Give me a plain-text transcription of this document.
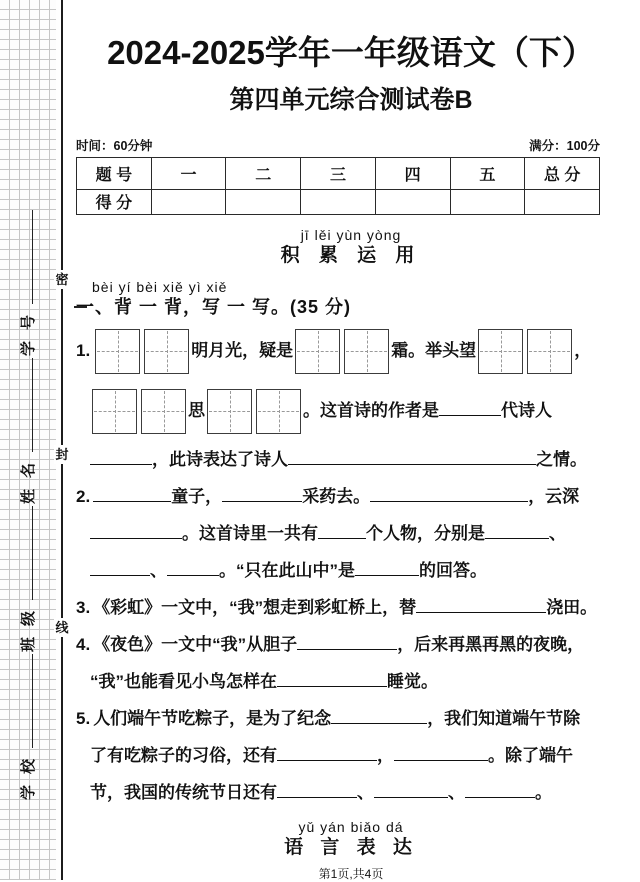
学校班级姓名学号
密
封
线
2024-2025学年一年级语文（下）
第四单元综合测试卷B
时间：60分钟	满分：100分
题 号	一	二	三	四	五	总 分
得 分						
jī lěi yùn yòng
积 累 运 用
bèi yí bèi xiě yì xiě
一、背 一 背，写 一 写。(35 分)
1.	明月光，疑是	霜。举头望	，
思	。这首诗的作者是	代诗人
，此诗表达了诗人	之情。
2.	童子，	采药去。	，云深
。这首诗里一共有	个人物，分别是	、
、	。“只在此山中”是	的回答。
3. 《彩虹》一文中，“我”想走到彩虹桥上，替	浇田。
4. 《夜色》一文中“我”从胆子	，后来再黑再黑的夜晚，
“我”也能看见小鸟怎样在	睡觉。
5. 人们端午节吃粽子，是为了纪念	，我们知道端午节除
了有吃粽子的习俗，还有	，	。除了端午
节，我国的传统节日还有	、	、	。
yǔ yán biǎo dá
语 言 表 达
第1页,共4页
